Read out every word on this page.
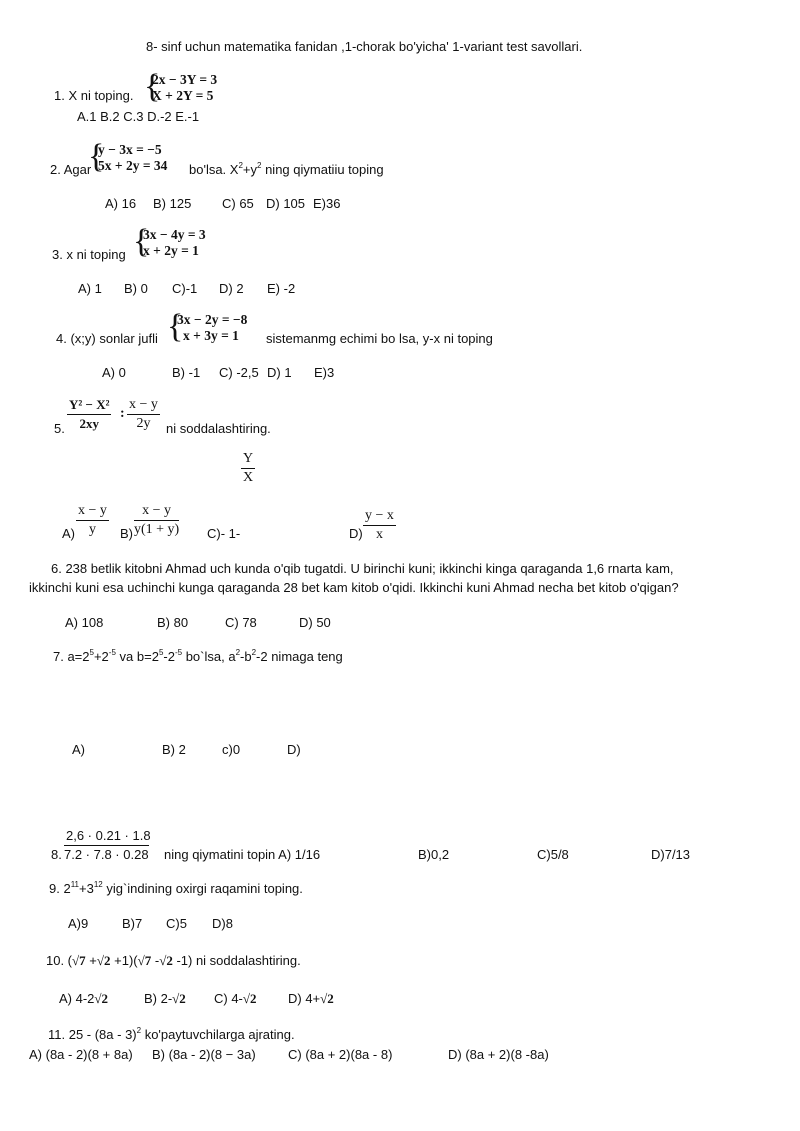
8- sinf uchun matematika fanidan ,1-chorak bo'yicha' 1-variant test savollari.
1. X ni toping. {
2x − 3Y = 3
X + 2Y = 5
A.1 B.2 C.3 D.-2 E.-1
2. Agar
{
y − 3x = −5
5x + 2y = 34 bo'lsa. $X^2+y^2$ ning qiymatiiu toping
A) 16 B) 125 C) 65 D) 105 E)36
3. x ni toping {
3x − 4y = 3
x + 2y = 1
A) 1 B) 0 C)-1 D) 2 E) -2
4. (x;y) sonlar jufli {
3x − 2y = −8
x + 3y = 1 sistemanmg echimi bo lsa, y-x ni toping
A) 0	B) -1 C) -2,5 D) 1 E)3
5. $\frac{\text{Y² − X²}}{2xy}$ : $\frac{x - y}{2y}$ ni soddalashtiring.
$\frac{Y}{X}$
$A) \frac{x - y}{y} B) \frac{x - y}{y(1 + y)} C)-$ 1-	$D) \frac{y - x}{x}$
6. 238 betlik kitobni Ahmad uch kunda o'qib tugatdi. U birinchi kuni; ikkinchi kinga qaraganda 1,6 rnarta kam,
ikkinchi kuni esa uchinchi kunga qaraganda 28 bet kam kitob o'qidi. Ikkinchi kuni Ahmad necha bet kitob o'qigan?
A) 108	B) 80	C) 78	D) 50
7. $a=2^5+2^{-5}$ va $b=2^5-2^{-5}$ bo`lsa, $a^2-b^2-2$ nimaga teng
A)	B) 2	c)0	D)
2,6 · 0.21 · 1.8
8. 7.2 · 7.8 · 0.28 ning qiymatini topin A) 1/16	B)0,2	C)5/8	D)7/13
9. $2^{11}+3^{12}$ yig`indining oxirgi raqamini toping.
A)9	B)7 C)5 D)8
10. (√7 +√2 +1)(√7 -√2 -1) ni soddalashtiring.
A) 4-2√2	B) 2-√2 C) 4-√2 D) 4+√2
11. 25 - (8a - 3)$^2$ ko'paytuvchilarga ajrating.
A) (8a - 2)(8 + 8a) B) (8a - 2)(8 − 3a) C) (8a + 2)(8a - 8)	D) (8a + 2)(8 -8a)
